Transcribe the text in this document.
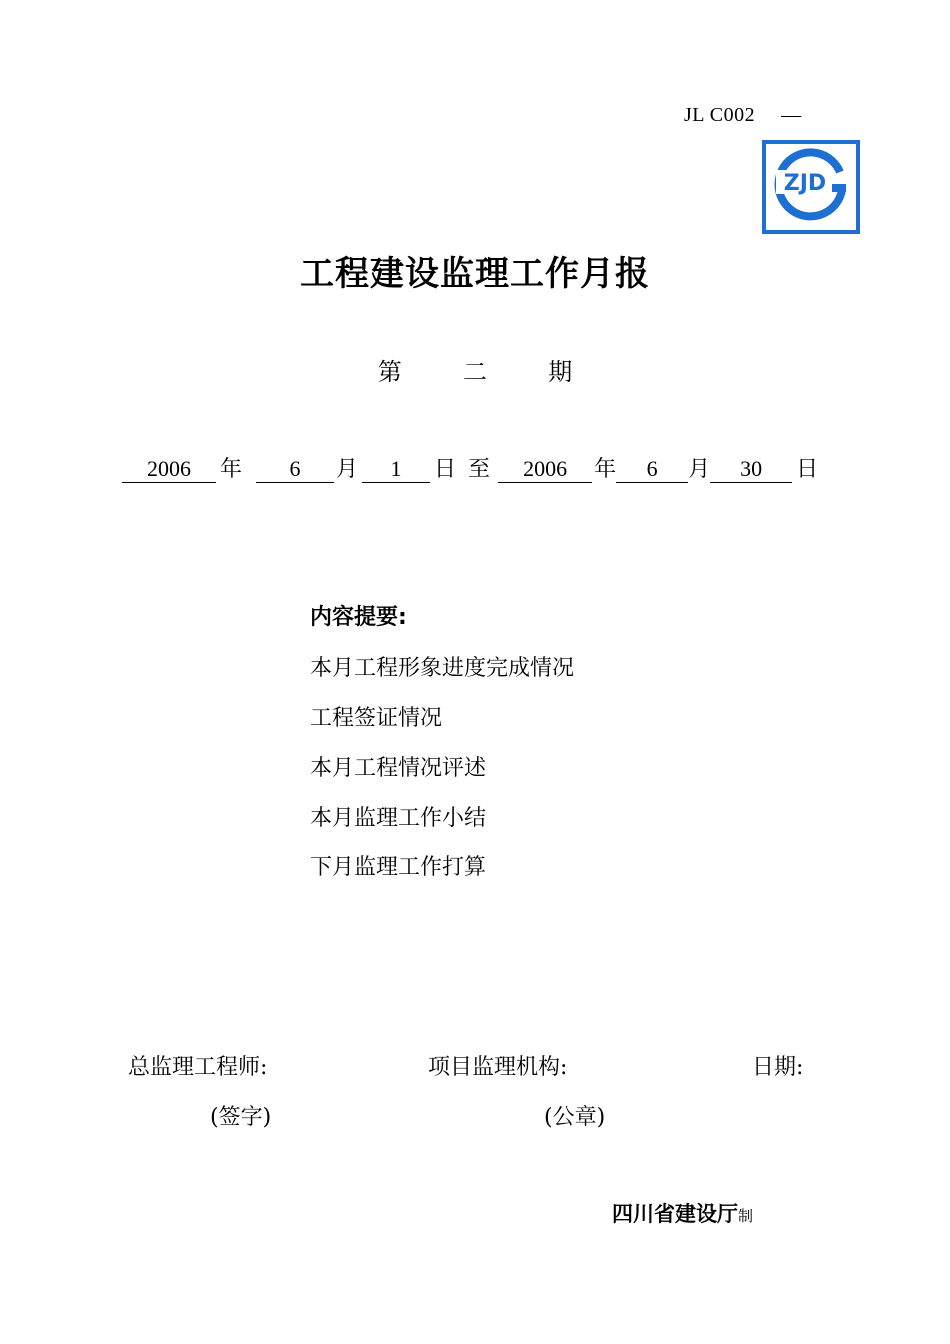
JL C002 —
ZJD
工程建设监理工作月报
第	二	期
2006	年	6	月	1	日 至	2006	年	6	月	30	日
内容提要:
本月工程形象进度完成情况
工程签证情况
本月工程情况评述
本月监理工作小结
下月监理工作打算
总监理工程师:	项目监理机构:	日期:
(签字)	(公章)
四川省建设厅制
